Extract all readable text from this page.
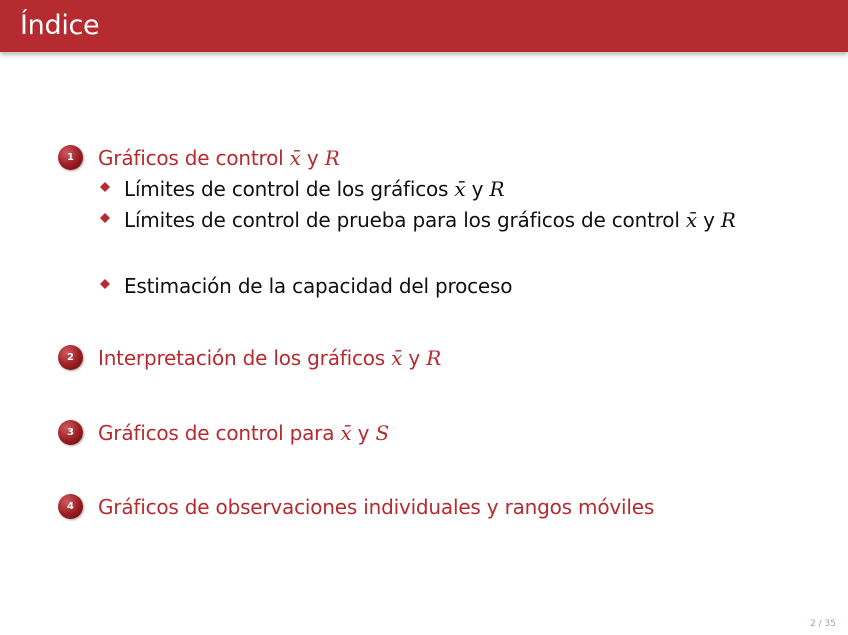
Índice
1	Gráficos de control x̄ y R
Límites de control de los gráficos x̄ y R
Límites de control de prueba para los gráficos de control x̄ y R
Estimación de la capacidad del proceso
2	Interpretación de los gráficos x̄ y R
3	Gráficos de control para x̄ y S
4	Gráficos de observaciones individuales y rangos móviles
2 / 35
